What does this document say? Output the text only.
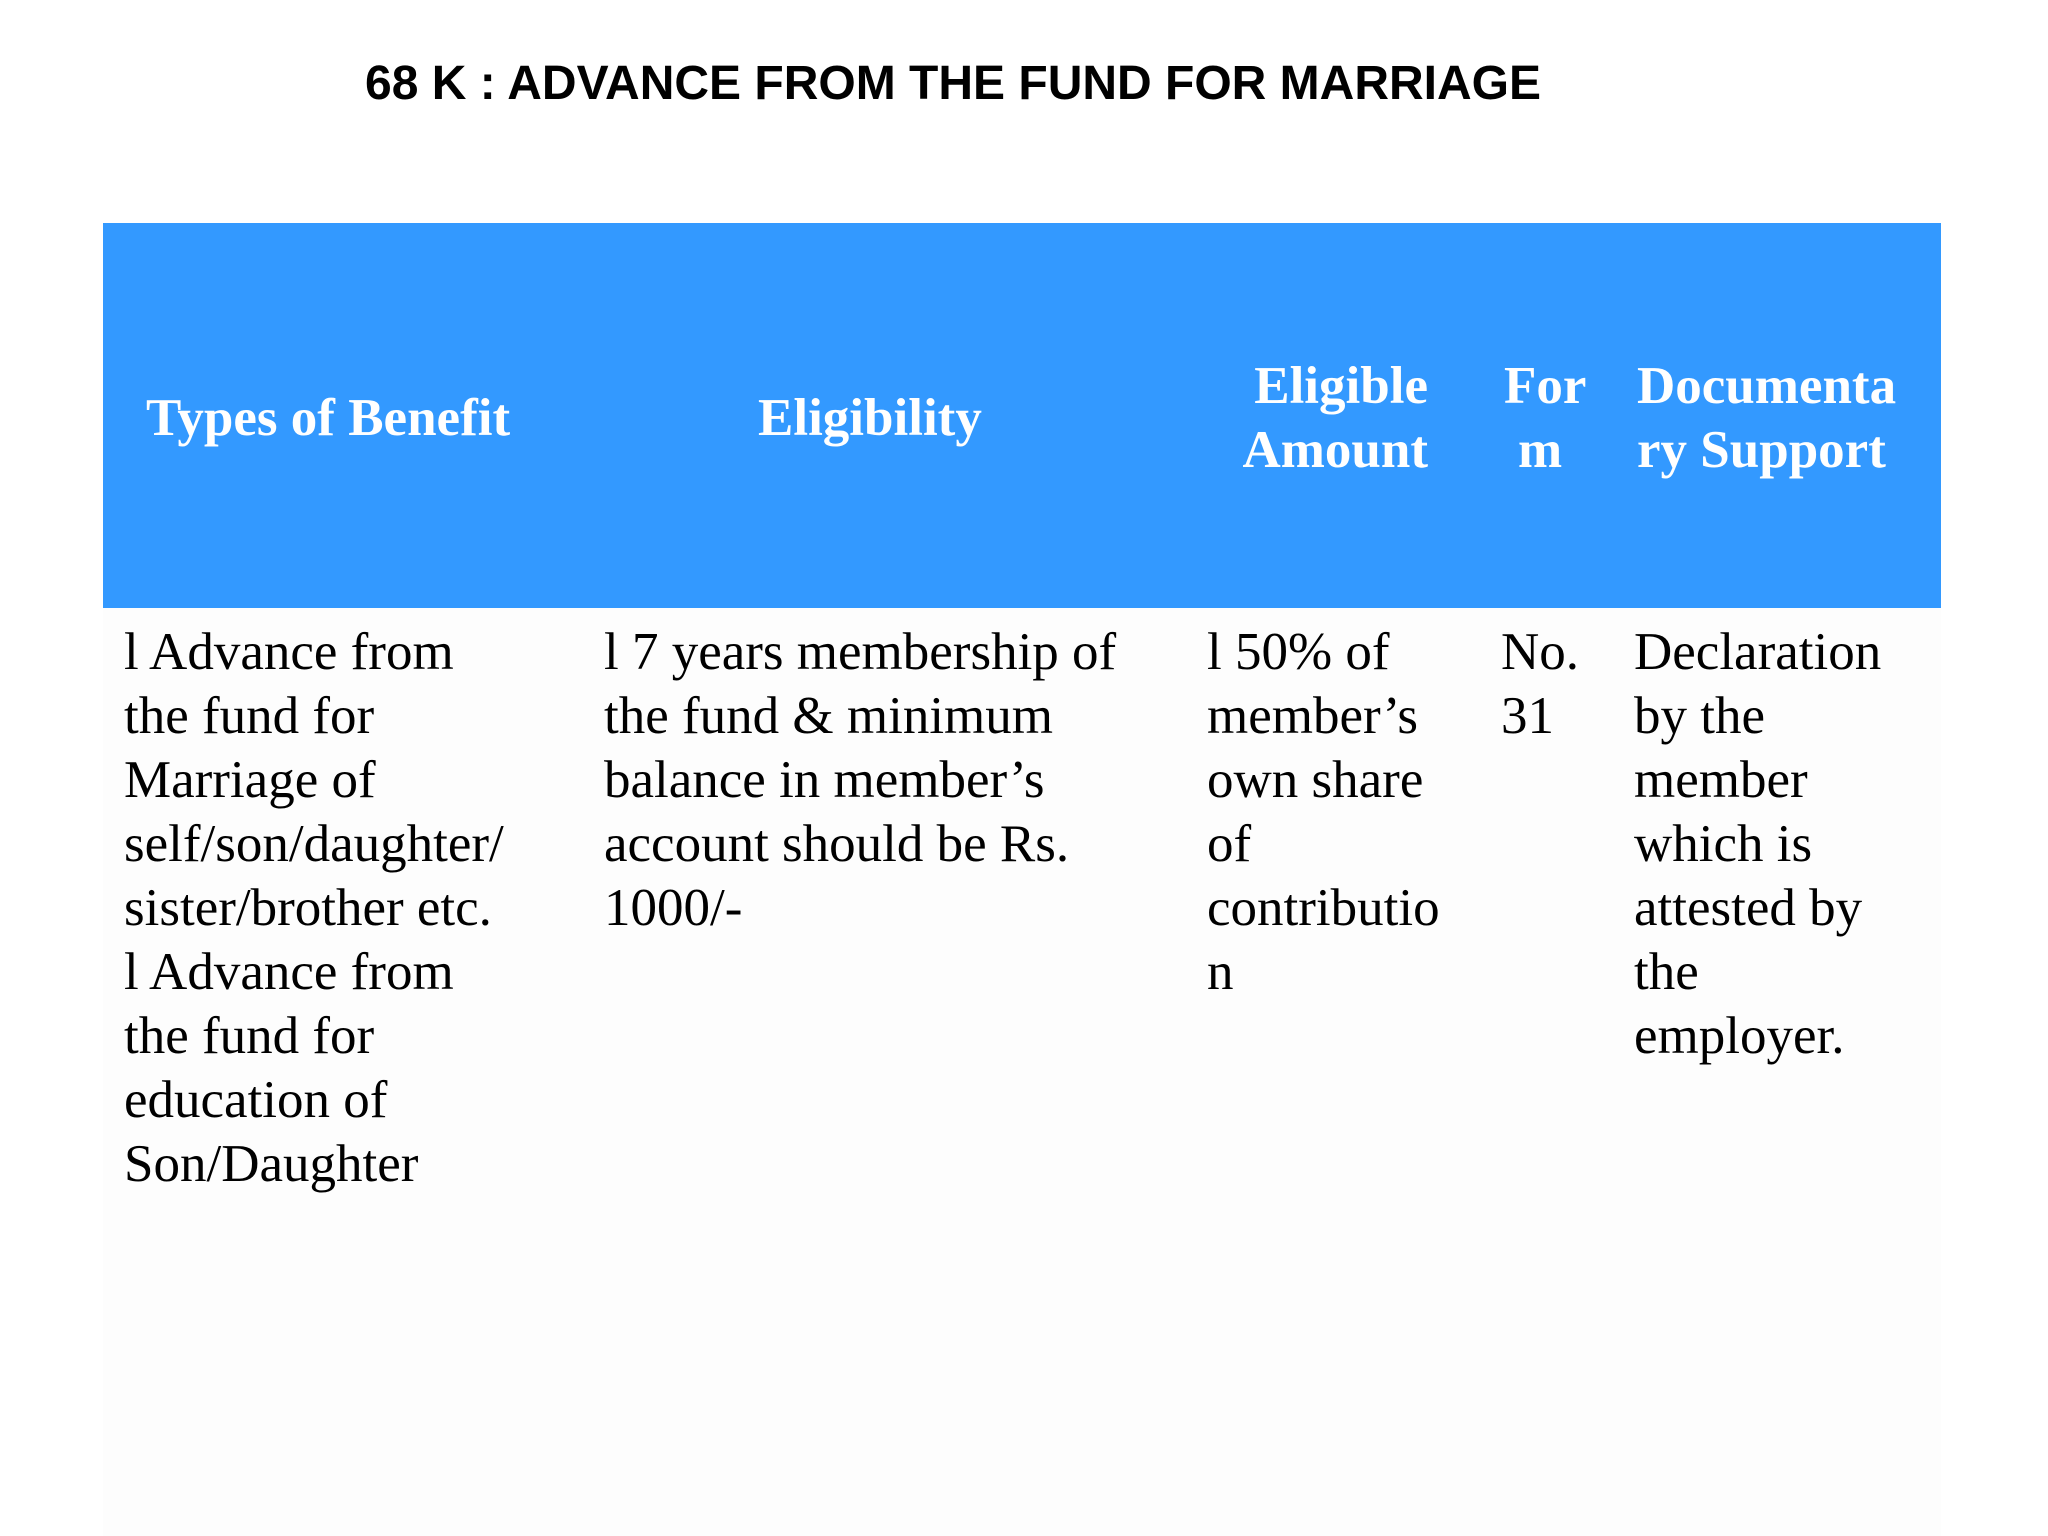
68 K : ADVANCE FROM THE FUND FOR MARRIAGE
Types of Benefit	Eligibility
Eligible
Amount
For
m
Documenta
ry Support
l Advance from
the fund for
Marriage of
self/son/daughter/
sister/brother etc.
l Advance from
the fund for
education of
Son/Daughter
l 7 years membership of
the fund & minimum
balance in member’s
account should be Rs.
1000/-
l 50% of
member’s
own share
of
contributio
n
No.
31
Declaration
by the
member
which is
attested by
the
employer.
